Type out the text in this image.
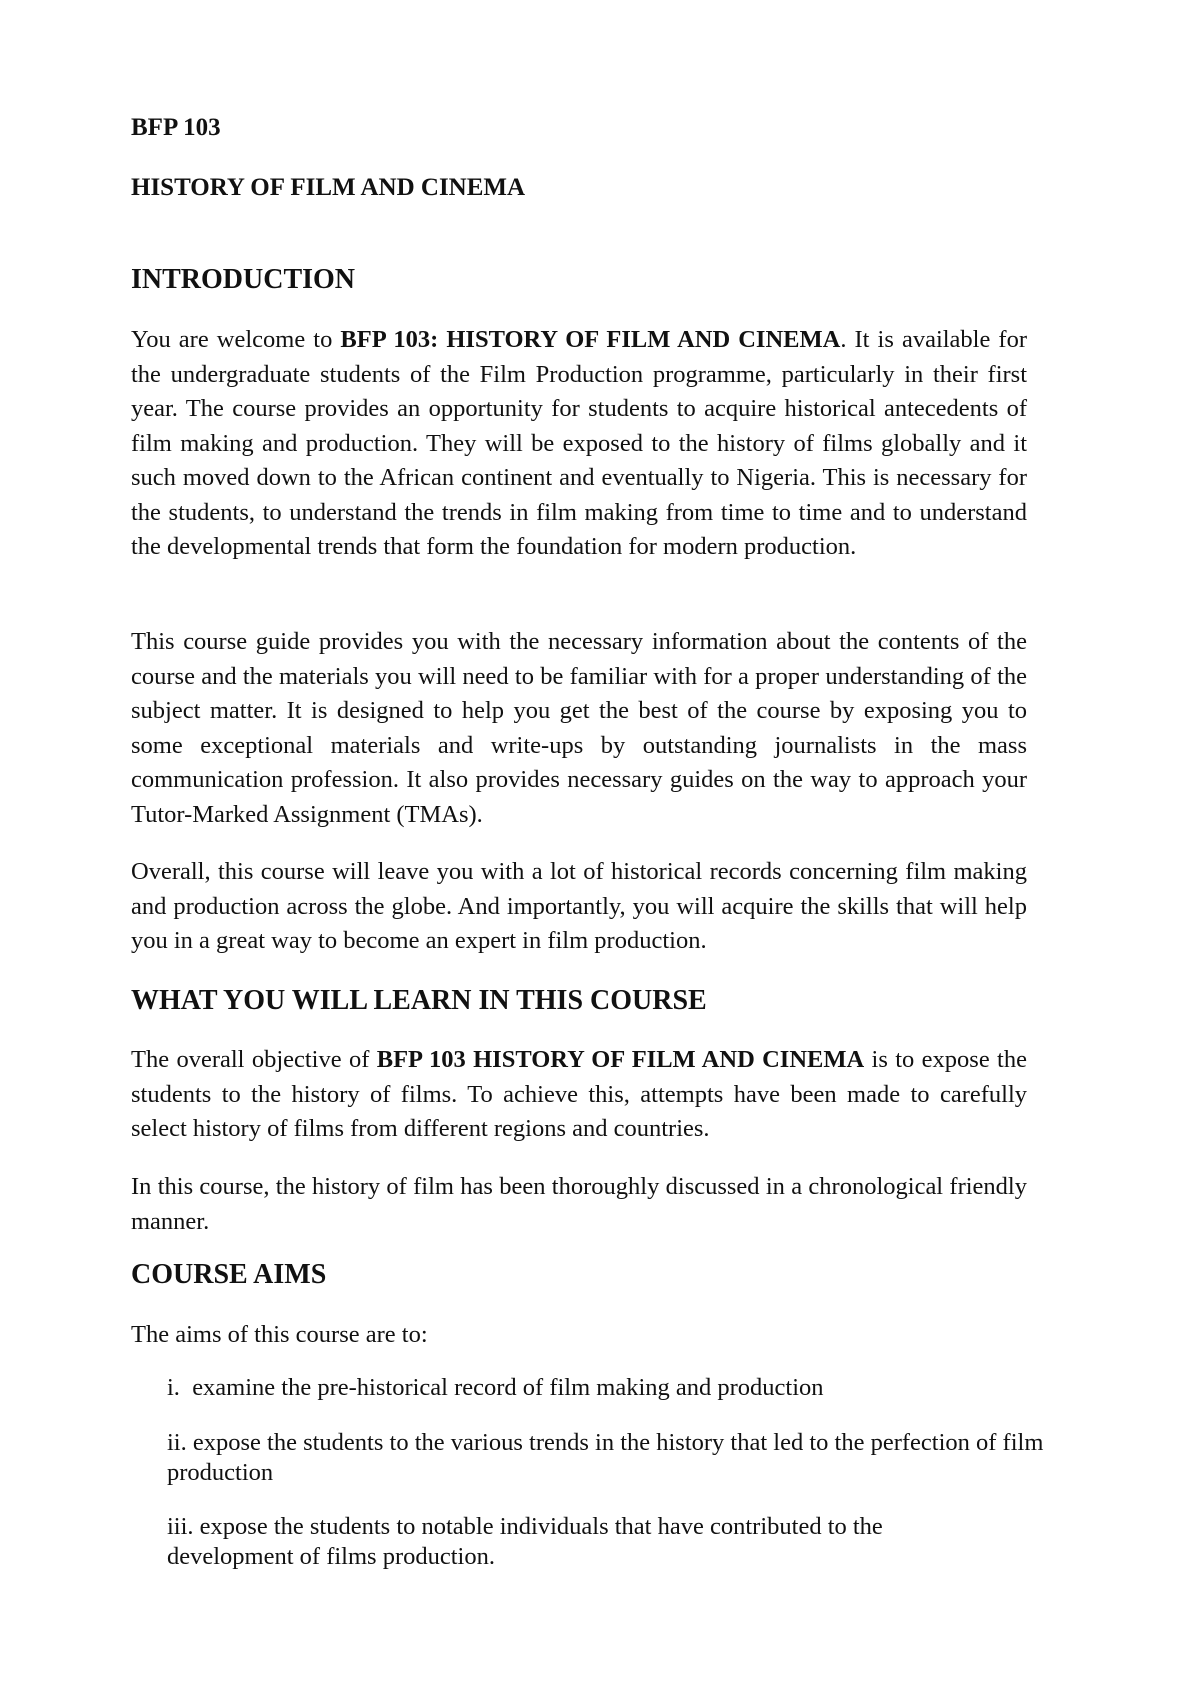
BFP 103

HISTORY OF FILM AND CINEMA

INTRODUCTION

You are welcome to BFP 103: HISTORY OF FILM AND CINEMA. It is available for the undergraduate students of the Film Production programme, particularly in their first year. The course provides an opportunity for students to acquire historical antecedents of film making and production. They will be exposed to the history of films globally and it such moved down to the African continent and eventually to Nigeria. This is necessary for the students, to understand the trends in film making from time to time and to understand the developmental trends that form the foundation for modern production.

This course guide provides you with the necessary information about the contents of the course and the materials you will need to be familiar with for a proper understanding of the subject matter. It is designed to help you get the best of the course by exposing you to some exceptional materials and write-ups by outstanding journalists in the mass communication profession. It also provides necessary guides on the way to approach your Tutor-Marked Assignment (TMAs).

Overall, this course will leave you with a lot of historical records concerning film making and production across the globe. And importantly, you will acquire the skills that will help you in a great way to become an expert in film production.

WHAT YOU WILL LEARN IN THIS COURSE

The overall objective of BFP 103 HISTORY OF FILM AND CINEMA is to expose the students to the history of films. To achieve this, attempts have been made to carefully select history of films from different regions and countries.

In this course, the history of film has been thoroughly discussed in a chronological friendly manner.

COURSE AIMS

The aims of this course are to:

i. examine the pre-historical record of film making and production
ii. expose the students to the various trends in the history that led to the perfection of film production
iii. expose the students to notable individuals that have contributed to the development of films production.
